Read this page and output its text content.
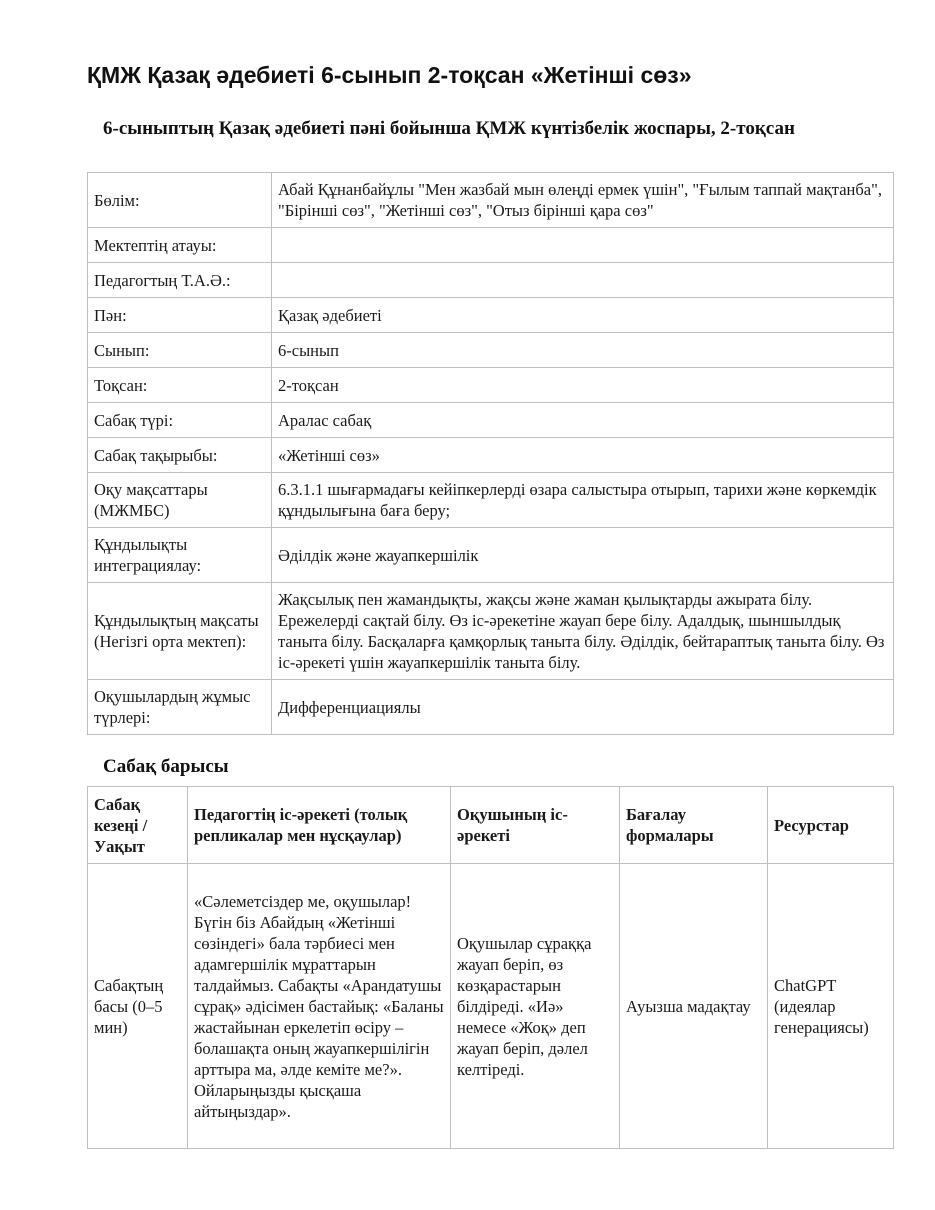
ҚМЖ Қазақ әдебиеті 6-сынып 2-тоқсан «Жетінші сөз»
6-сыныптың Қазақ әдебиеті пәні бойынша ҚМЖ күнтізбелік жоспары, 2-тоқсан
Бөлім:	Абай Құнанбайұлы "Мен жазбай мын өлеңді ермек үшін", "Ғылым таппай мақтанба", "Бірінші сөз", "Жетінші сөз", "Отыз бірінші қара сөз"
Мектептің атауы:	
Педагогтың Т.А.Ә.:	
Пән:	Қазақ әдебиеті
Сынып:	6-сынып
Тоқсан:	2-тоқсан
Сабақ түрі:	Аралас сабақ
Сабақ тақырыбы:	«Жетінші сөз»
Оқу мақсаттары (МЖМБС)	6.3.1.1 шығармадағы кейіпкерлерді өзара салыстыра отырып, тарихи және көркемдік құндылығына баға беру;
Құндылықты интеграциялау:	Әділдік және жауапкершілік
Құндылықтың мақсаты (Негізгі орта мектеп):	Жақсылық пен жамандықты, жақсы және жаман қылықтарды ажырата білу. Ережелерді сақтай білу. Өз іс-әрекетіне жауап бере білу. Адалдық, шыншылдық таныта білу. Басқаларға қамқорлық таныта білу. Әділдік, бейтараптық таныта білу. Өз іс-әрекеті үшін жауапкершілік таныта білу.
Оқушылардың жұмыс түрлері:	Дифференциациялы
Сабақ барысы
Сабақ кезеңі / Уақыт	Педагогтің іс-әрекеті (толық репликалар мен нұсқаулар)	Оқушының іс-әрекеті	Бағалау формалары	Ресурстар
Сабақтың басы (0–5 мин)	«Сәлеметсіздер ме, оқушылар! Бүгін біз Абайдың «Жетінші сөзіндегі» бала тәрбиесі мен адамгершілік мұраттарын талдаймыз. Сабақты «Арандатушы сұрақ» әдісімен бастайық: «Баланы жастайынан еркелетіп өсіру – болашақта оның жауапкершілігін арттыра ма, әлде кеміте ме?». Ойларыңызды қысқаша айтыңыздар».	Оқушылар сұраққа жауап беріп, өз көзқарастарын білдіреді. «Иә» немесе «Жоқ» деп жауап беріп, дәлел келтіреді.	Ауызша мадақтау	ChatGPT (идеялар генерациясы)
